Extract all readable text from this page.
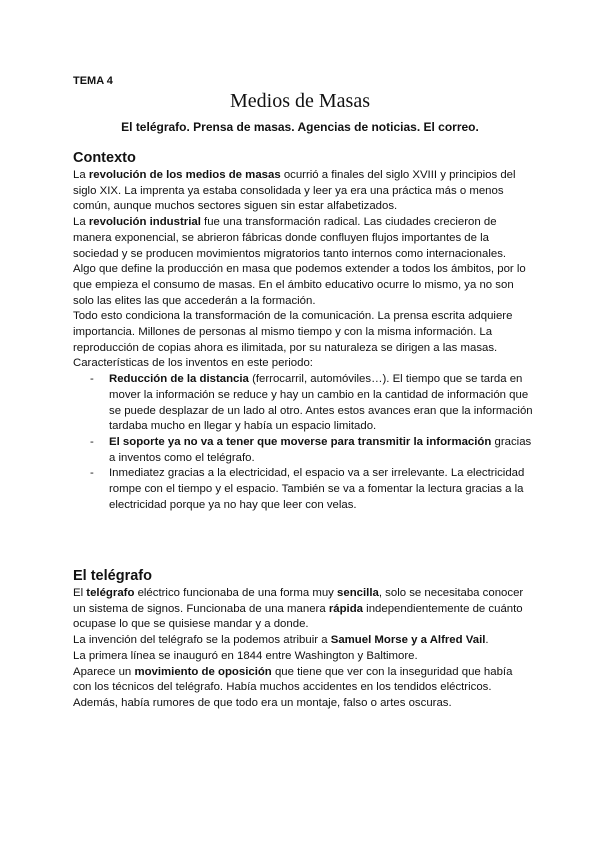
TEMA 4
Medios de Masas
El telégrafo. Prensa de masas. Agencias de noticias. El correo.
Contexto

La revolución de los medios de masas ocurrió a finales del siglo XVIII y principios del siglo XIX. La imprenta ya estaba consolidada y leer ya era una práctica más o menos común, aunque muchos sectores siguen sin estar alfabetizados.

La revolución industrial fue una transformación radical. Las ciudades crecieron de manera exponencial, se abrieron fábricas donde confluyen flujos importantes de la sociedad y se producen movimientos migratorios tanto internos como internacionales.

Algo que define la producción en masa que podemos extender a todos los ámbitos, por lo que empieza el consumo de masas. En el ámbito educativo ocurre lo mismo, ya no son solo las elites las que accederán a la formación.

Todo esto condiciona la transformación de la comunicación. La prensa escrita adquiere importancia. Millones de personas al mismo tiempo y con la misma información. La reproducción de copias ahora es ilimitada, por su naturaleza se dirigen a las masas.

Características de los inventos en este periodo:

- Reducción de la distancia (ferrocarril, automóviles…). El tiempo que se tarda en mover la información se reduce y hay un cambio en la cantidad de información que se puede desplazar de un lado al otro. Antes estos avances eran que la información tardaba mucho en llegar y había un espacio limitado.
- El soporte ya no va a tener que moverse para transmitir la información gracias a inventos como el telégrafo.
- Inmediatez gracias a la electricidad, el espacio va a ser irrelevante. La electricidad rompe con el tiempo y el espacio. También se va a fomentar la lectura gracias a la electricidad porque ya no hay que leer con velas.
El telégrafo

El telégrafo eléctrico funcionaba de una forma muy sencilla, solo se necesitaba conocer un sistema de signos. Funcionaba de una manera rápida independientemente de cuánto ocupase lo que se quisiese mandar y a donde.

La invención del telégrafo se la podemos atribuir a Samuel Morse y a Alfred Vail.

La primera línea se inauguró en 1844 entre Washington y Baltimore.

Aparece un movimiento de oposición que tiene que ver con la inseguridad que había con los técnicos del telégrafo. Había muchos accidentes en los tendidos eléctricos. Además, había rumores de que todo era un montaje, falso o artes oscuras.
